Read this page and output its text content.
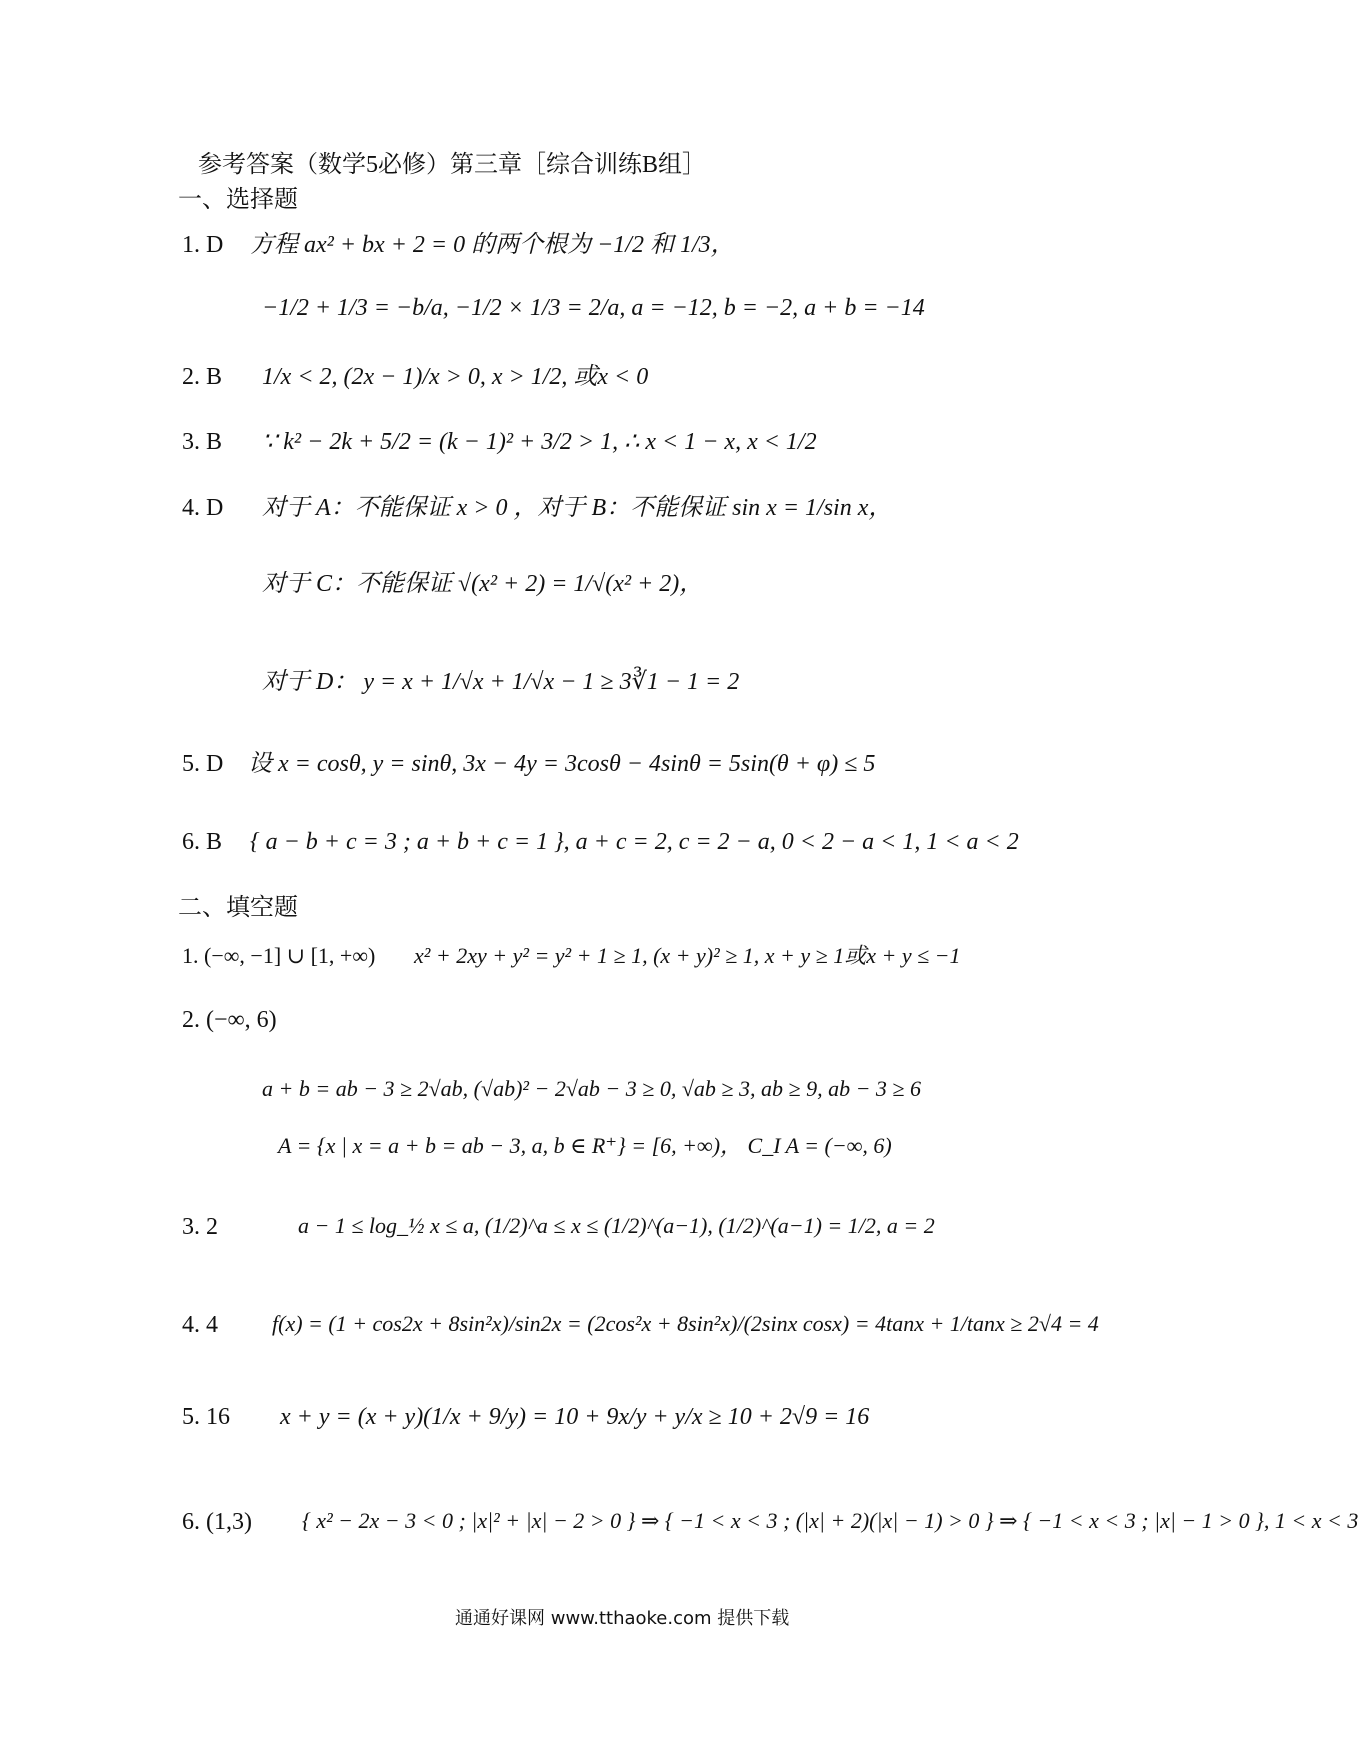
参考答案（数学5必修）第三章［综合训练B组］
一、选择题
1. D 方程 ax² + bx + 2 = 0 的两个根为 −1/2 和 1/3，
−1/2 + 1/3 = −b/a, −1/2 × 1/3 = 2/a, a = −12, b = −2, a + b = −14
2. B 1/x < 2, (2x − 1)/x > 0, x > 1/2, 或x < 0
3. B ∵ k² − 2k + 5/2 = (k − 1)² + 3/2 > 1, ∴ x < 1 − x, x < 1/2
4. D 对于 A：不能保证 x > 0 ，对于 B：不能保证 sin x = 1/sin x，
对于 C：不能保证 √(x² + 2) = 1/√(x² + 2)，
对于 D： y = x + 1/√x + 1/√x − 1 ≥ 3∛1 − 1 = 2
5. D 设 x = cosθ, y = sinθ, 3x − 4y = 3cosθ − 4sinθ = 5sin(θ + φ) ≤ 5
6. B { a − b + c = 3 ; a + b + c = 1 }, a + c = 2, c = 2 − a, 0 < 2 − a < 1, 1 < a < 2
二、填空题
1. (−∞, −1] ∪ [1, +∞) x² + 2xy + y² = y² + 1 ≥ 1, (x + y)² ≥ 1, x + y ≥ 1或x + y ≤ −1
2. (−∞, 6)
a + b = ab − 3 ≥ 2√ab, (√ab)² − 2√ab − 3 ≥ 0, √ab ≥ 3, ab ≥ 9, ab − 3 ≥ 6
A = {x | x = a + b = ab − 3, a, b ∈ R⁺} = [6, +∞)， C_I A = (−∞, 6)
3. 2	a − 1 ≤ log_½ x ≤ a, (1/2)^a ≤ x ≤ (1/2)^(a−1), (1/2)^(a−1) = 1/2, a = 2
4. 4 f(x) = (1 + cos2x + 8sin²x)/sin2x = (2cos²x + 8sin²x)/(2sinx cosx) = 4tanx + 1/tanx ≥ 2√4 = 4
5. 16 x + y = (x + y)(1/x + 9/y) = 10 + 9x/y + y/x ≥ 10 + 2√9 = 16
6. (1,3) { x² − 2x − 3 < 0 ; |x|² + |x| − 2 > 0 } ⇒ { −1 < x < 3 ; (|x| + 2)(|x| − 1) > 0 } ⇒ { −1 < x < 3 ; |x| − 1 > 0 }, 1 < x < 3
通通好课网 www.tthaoke.com 提供下载
